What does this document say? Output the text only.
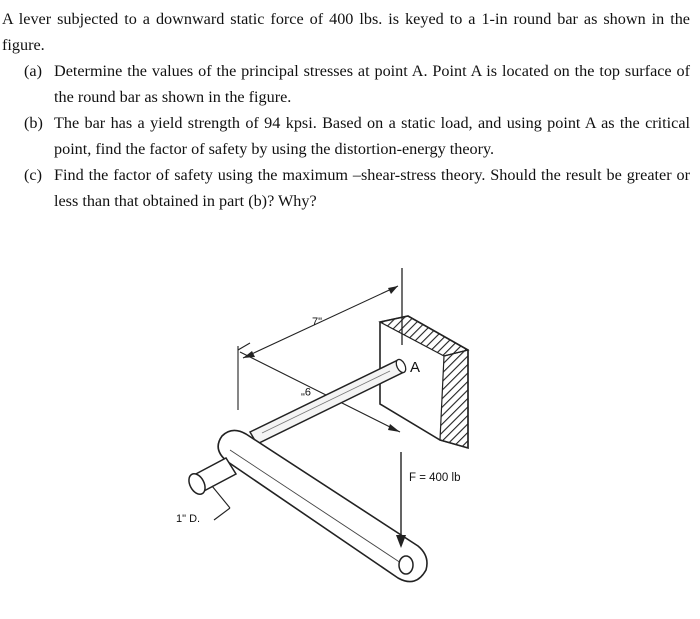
A lever subjected to a downward static force of 400 lbs. is keyed to a 1-in round bar as shown in the figure.
(a) Determine the values of the principal stresses at point A. Point A is located on the top surface of the round bar as shown in the figure.
(b) The bar has a yield strength of 94 kpsi. Based on a static load, and using point A as the critical point, find the factor of safety by using the distortion-energy theory.
(c) Find the factor of safety using the maximum –shear-stress theory. Should the result be greater or less than that obtained in part (b)? Why?
7"
9"
A
F = 400 lb
1" D.
